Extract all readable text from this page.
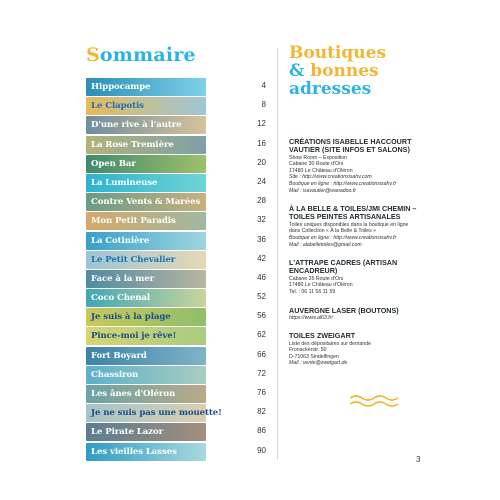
Sommaire
Hippocampe	4
Le Clapotis	8
D'une rive à l'autre	12
La Rose Tremière	16
Open Bar	20
La Lumineuse	24
Contre Vents & Marées	28
Mon Petit Paradis	32
La Cotinière	36
Le Petit Chevalier	42
Face à la mer	46
Coco Chenal	52
Je suis à la plage	56
Pince-moi je rêve!	62
Fort Boyard	66
Chassiron	72
Les ânes d'Oléron	76
Je ne suis pas une mouette!	82
Le Pirate Lazor	86
Les vieilles Lasses	90
Boutiques
& bonnes
adresses
CRÉATIONS ISABELLE HACCOURT VAUTIER (SITE INFOS ET SALONS)
Show Room – Exposition
Cabane 30 Route d'Ors
17480 Le Château d'Oléron
Site : http://www.creationsisahv.com
Boutique en ligne : http://www.creationsisahv.fr
Mail : isavautier@wanadoo.fr
À LA BELLE & TOILES/JMI CHEMIN – TOILES PEINTES ARTISANALES
Toiles uniques disponibles dans la boutique en ligne
dans Collection « À la Belle & Toiles »
Boutique en ligne : http://www.creationsisahv.fr
Mail : alabelletoiles@gmail.com
L'ATTRAPE CADRES (ARTISAN ENCADREUR)
Cabane 25 Route d'Ors
17480 Le Château d'Oléron
Tel. : 06 11 56 11 59
AUVERGNE LASER (BOUTONS)
https://www.al63.fr/
TOILES ZWEIGART
Liste des dépositaires sur demande
Fronackerstr. 50
D-71063 Sindelfingen
Mail : vente@zweigart.de
3
